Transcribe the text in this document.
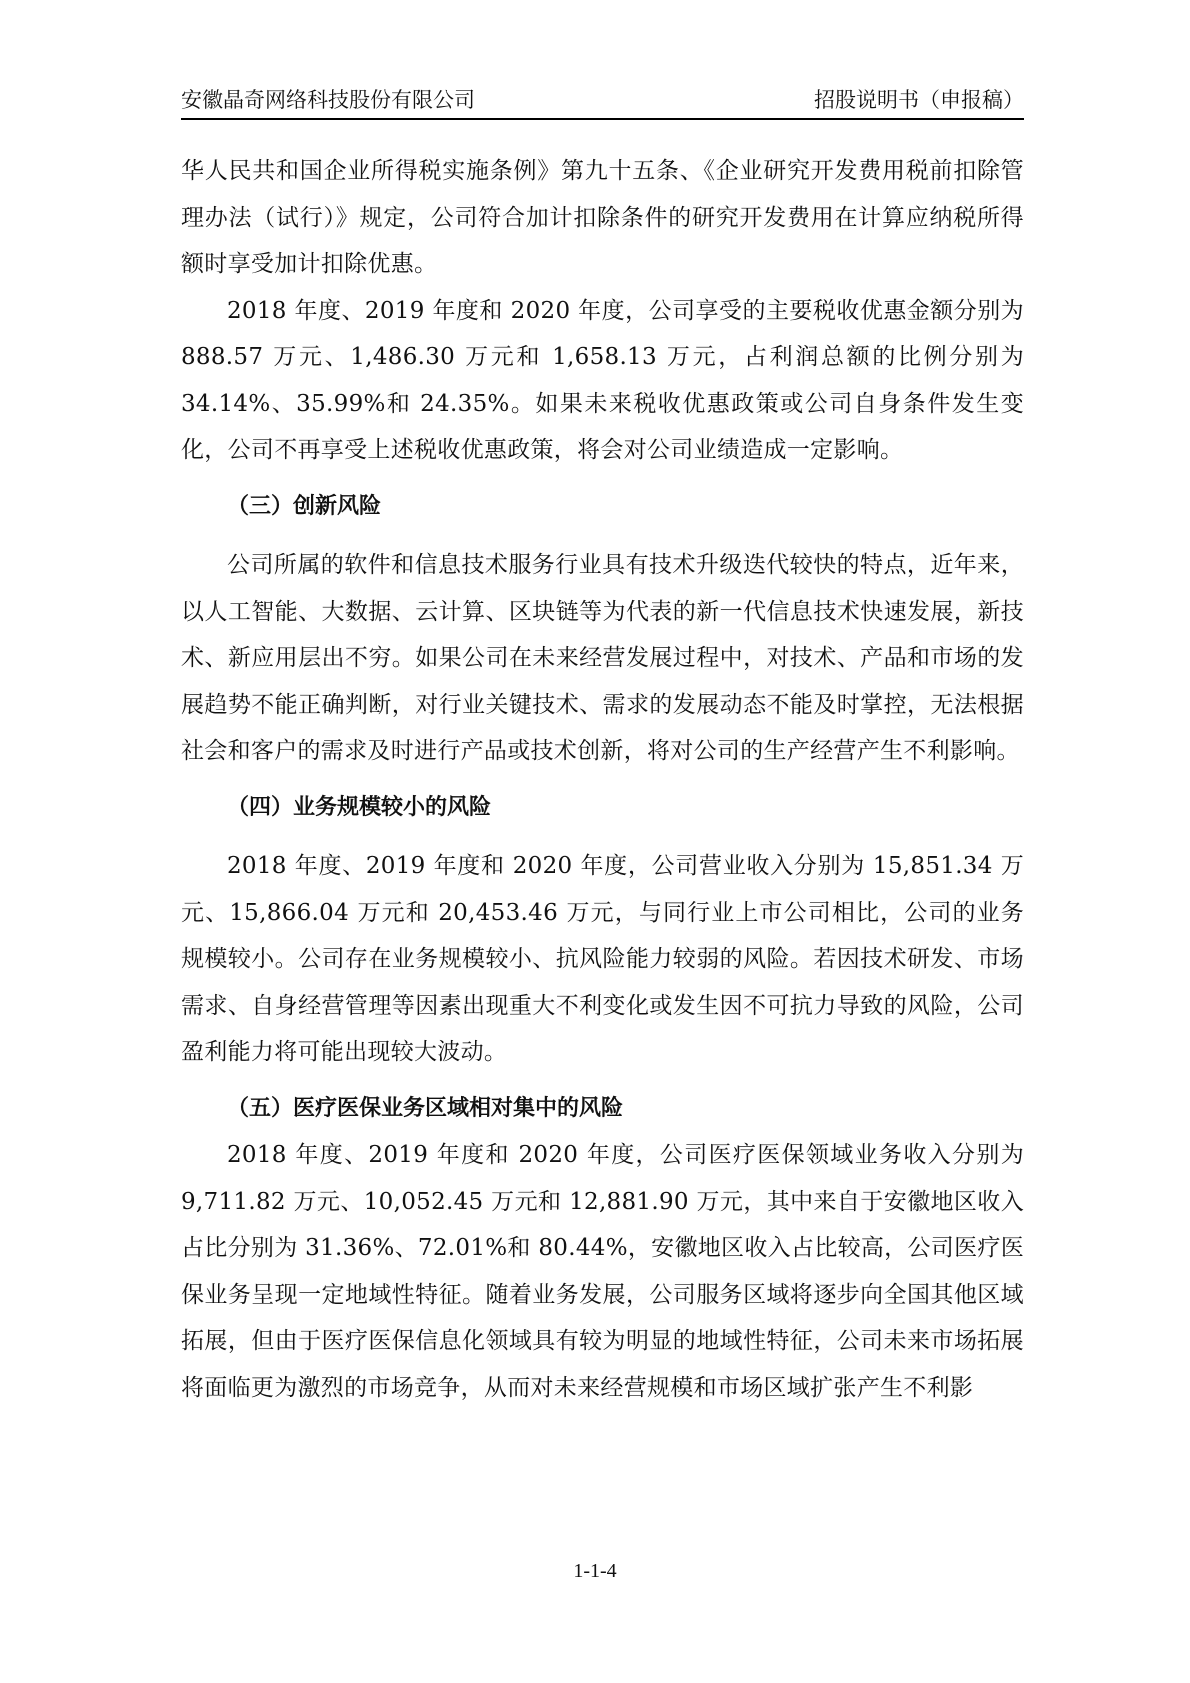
安徽晶奇网络科技股份有限公司	招股说明书（申报稿）

华人民共和国企业所得税实施条例》第九十五条、《企业研究开发费用税前扣除管理办法（试行）》规定，公司符合加计扣除条件的研究开发费用在计算应纳税所得额时享受加计扣除优惠。

2018 年度、2019 年度和 2020 年度，公司享受的主要税收优惠金额分别为 888.57 万元、1,486.30 万元和 1,658.13 万元，占利润总额的比例分别为 34.14%、35.99%和 24.35%。如果未来税收优惠政策或公司自身条件发生变化，公司不再享受上述税收优惠政策，将会对公司业绩造成一定影响。

（三）创新风险

公司所属的软件和信息技术服务行业具有技术升级迭代较快的特点，近年来，以人工智能、大数据、云计算、区块链等为代表的新一代信息技术快速发展，新技术、新应用层出不穷。如果公司在未来经营发展过程中，对技术、产品和市场的发展趋势不能正确判断，对行业关键技术、需求的发展动态不能及时掌控，无法根据社会和客户的需求及时进行产品或技术创新，将对公司的生产经营产生不利影响。

（四）业务规模较小的风险

2018 年度、2019 年度和 2020 年度，公司营业收入分别为 15,851.34 万元、15,866.04 万元和 20,453.46 万元，与同行业上市公司相比，公司的业务规模较小。公司存在业务规模较小、抗风险能力较弱的风险。若因技术研发、市场需求、自身经营管理等因素出现重大不利变化或发生因不可抗力导致的风险，公司盈利能力将可能出现较大波动。

（五）医疗医保业务区域相对集中的风险

2018 年度、2019 年度和 2020 年度，公司医疗医保领域业务收入分别为 9,711.82 万元、10,052.45 万元和 12,881.90 万元，其中来自于安徽地区收入占比分别为 31.36%、72.01%和 80.44%，安徽地区收入占比较高，公司医疗医保业务呈现一定地域性特征。随着业务发展，公司服务区域将逐步向全国其他区域拓展，但由于医疗医保信息化领域具有较为明显的地域性特征，公司未来市场拓展将面临更为激烈的市场竞争，从而对未来经营规模和市场区域扩张产生不利影

1-1-4
